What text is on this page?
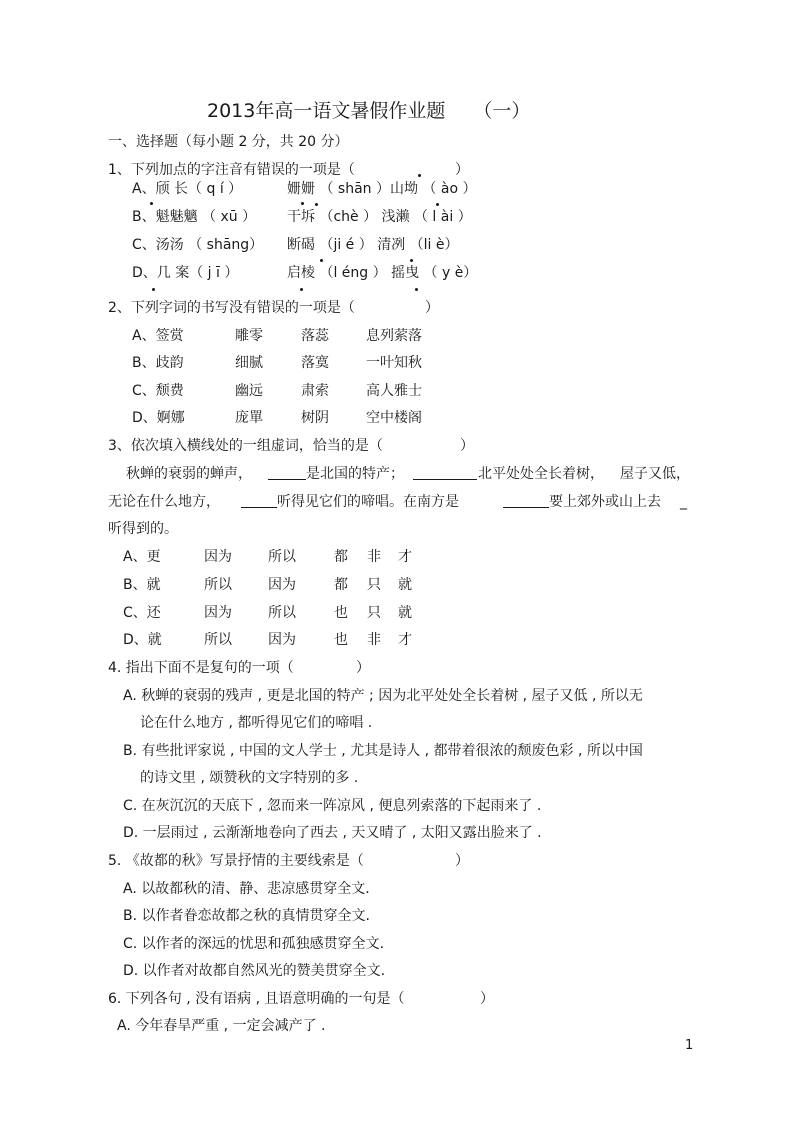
2013年高一语文暑假作业题 （一）
一、选择题（每小题 2 分，共 20 分）
1、下列加点的字注音有错误的一项是（	）
A、颀 长（ q í ）	姗姗 （ shān ）山坳 （ ào ）
B、魁魅魑 （ xū ） 干坼 （chè ） 浅濑 （ l ài ）
C、汤汤 （ shāng） 断碣 （ji é ） 清冽 （li è）
D、几 案（ j ī ）	启棱 （l éng ） 摇曳 （ y è）
2、下列字词的书写没有错误的一项是（	）
A、签赏	雕零	落蕊	息列萦落
B、歧韵	细腻	落寞	一叶知秋
C、颓费	幽远	肃索	高人雅士
D、婀娜	庞單	树阴	空中楼阁
3、依次填入横线处的一组虚词，恰当的是（	）
秋蝉的衰弱的蝉声，	是北国的特产；	北平处处全长着树， 屋子又低，
无论在什么地方，	听得见它们的啼唱。在南方是	要上郊外或山上去 _
听得到的。
A、更	因为	所以	都 非 才
B、就	所以	因为	都 只 就
C、还	因为	所以	也 只 就
D、就	所以	因为	也 非 才
4. 指出下面不是复句的一项（	）
A. 秋蝉的衰弱的残声 , 更是北国的特产 ; 因为北平处处全长着树 , 屋子又低 , 所以无
论在什么地方 , 都听得见它们的啼唱 .
B. 有些批评家说 , 中国的文人学士 , 尤其是诗人 , 都带着很浓的颓废色彩 , 所以中国
的诗文里 , 颂赞秋的文字特别的多 .
C. 在灰沉沉的天底下 , 忽而来一阵凉风 , 便息列索落的下起雨来了 .
D. 一层雨过 , 云渐渐地卷向了西去 , 天又晴了 , 太阳又露出脸来了 .
5. 《故都的秋》写景抒情的主要线索是（	）
A. 以故都秋的清、静、悲凉感贯穿全文.
B. 以作者眷恋故都之秋的真情贯穿全文.
C. 以作者的深远的忧思和孤独感贯穿全文.
D. 以作者对故都自然风光的赞美贯穿全文.
6. 下列各句 , 没有语病 , 且语意明确的一句是（	）
A. 今年春旱严重 , 一定会减产了 .
1
